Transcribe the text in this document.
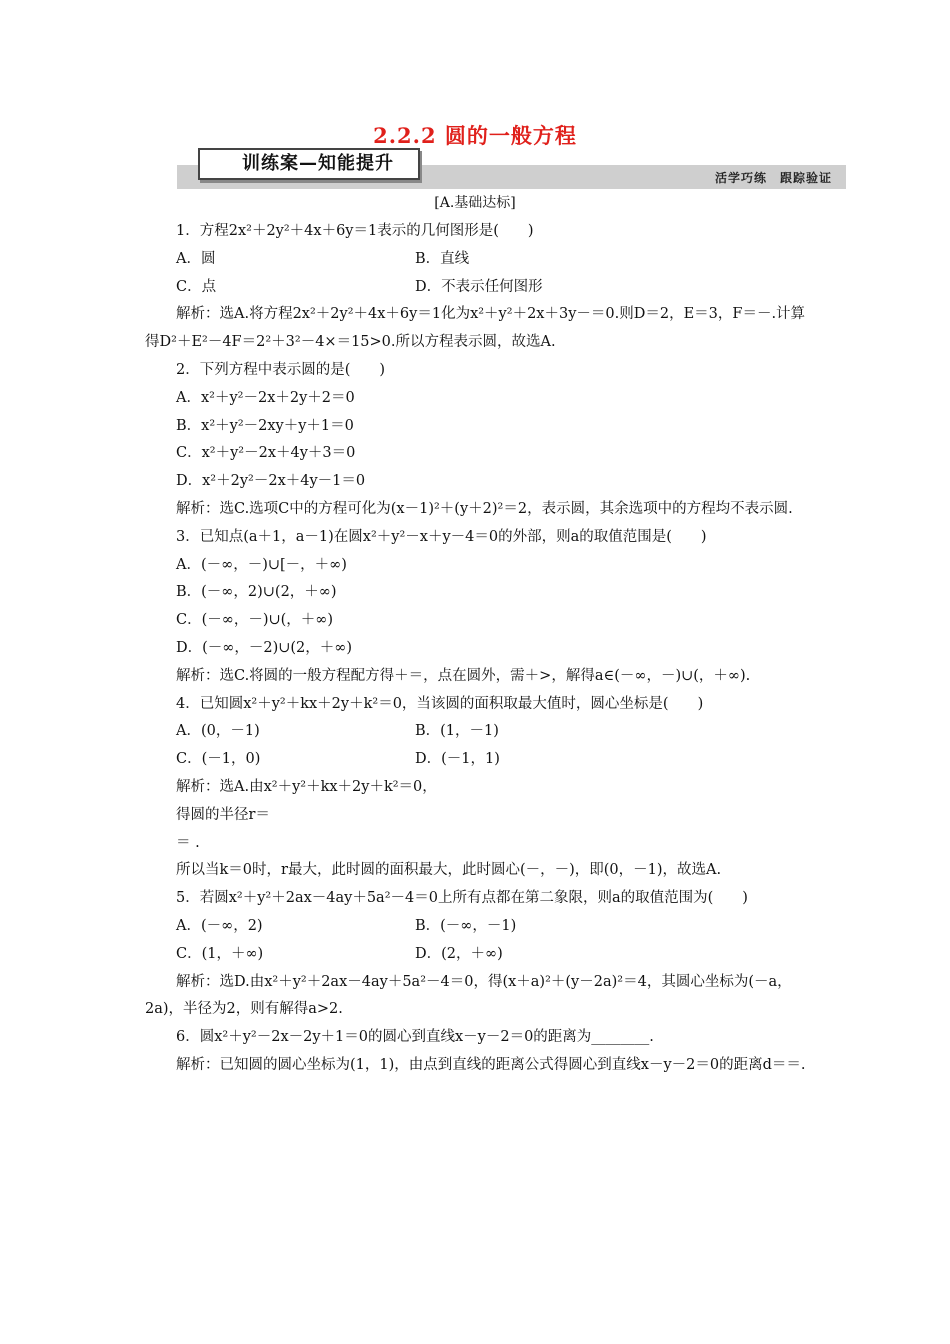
2.2.2 圆的一般方程
训练案—知能提升
活学巧练　跟踪验证
[A.基础达标]

1．方程2x²＋2y²＋4x＋6y＝1表示的几何图形是(　　)

A．圆	B．直线
C．点	D．不表示任何图形

解析：选A.将方程2x²＋2y²＋4x＋6y＝1化为x²＋y²＋2x＋3y－＝0.则D＝2，E＝3，F＝－.计算得D²＋E²－4F＝2²＋3²－4×＝15>0.所以方程表示圆，故选A.

2．下列方程中表示圆的是(　　)

A．x²＋y²－2x＋2y＋2＝0

B．x²＋y²－2xy＋y＋1＝0

C．x²＋y²－2x＋4y＋3＝0

D．x²＋2y²－2x＋4y－1＝0

解析：选C.选项C中的方程可化为(x－1)²＋(y＋2)²＝2，表示圆，其余选项中的方程均不表示圆.

3．已知点(a＋1，a－1)在圆x²＋y²－x＋y－4＝0的外部，则a的取值范围是(　　)

A．(－∞，－)∪[－，＋∞)

B．(－∞，2)∪(2，＋∞)

C．(－∞，－)∪(，＋∞)

D．(－∞，－2)∪(2，＋∞)

解析：选C.将圆的一般方程配方得＋＝，点在圆外，需＋>，解得a∈(－∞，－)∪(，＋∞).

4．已知圆x²＋y²＋kx＋2y＋k²＝0，当该圆的面积取最大值时，圆心坐标是(　　)

A．(0，－1)	B．(1，－1)
C．(－1，0)	D．(－1，1)

解析：选A.由x²＋y²＋kx＋2y＋k²＝0，

得圆的半径r＝

＝ .

所以当k＝0时，r最大，此时圆的面积最大，此时圆心(－，－)，即(0，－1)，故选A.

5．若圆x²＋y²＋2ax－4ay＋5a²－4＝0上所有点都在第二象限，则a的取值范围为(　　)

A．(－∞，2)	B．(－∞，－1)
C．(1，＋∞)	D．(2，＋∞)

解析：选D.由x²＋y²＋2ax－4ay＋5a²－4＝0，得(x＋a)²＋(y－2a)²＝4，其圆心坐标为(－a，2a)，半径为2，则有解得a>2.

6．圆x²＋y²－2x－2y＋1＝0的圆心到直线x－y－2＝0的距离为________.

解析：已知圆的圆心坐标为(1，1)，由点到直线的距离公式得圆心到直线x－y－2＝0的距离d＝＝.
